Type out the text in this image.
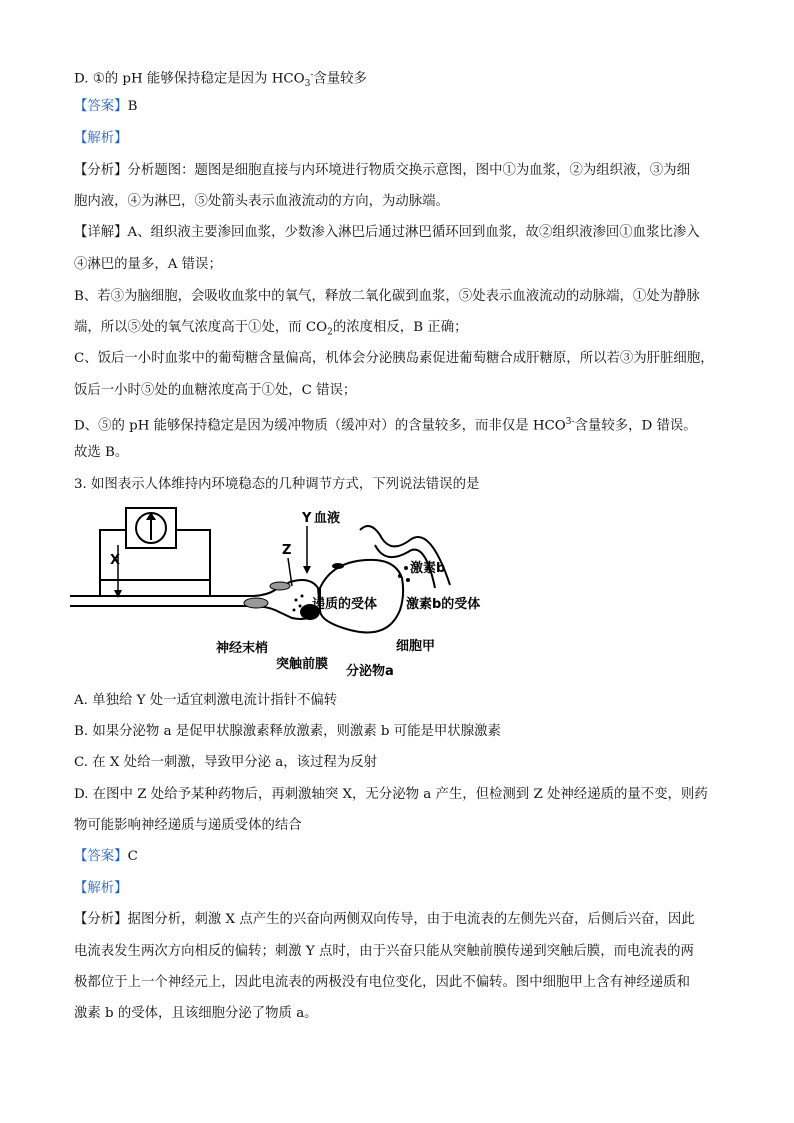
D. ①的 pH 能够保持稳定是因为 $HCO_3^-$含量较多
【答案】B
【解析】
【分析】分析题图：题图是细胞直接与内环境进行物质交换示意图，图中①为血浆，②为组织液，③为细
胞内液，④为淋巴，⑤处箭头表示血液流动的方向，为动脉端。
【详解】A、组织液主要渗回血浆，少数渗入淋巴后通过淋巴循环回到血浆，故②组织液渗回①血浆比渗入
④淋巴的量多，A 错误；
B、若③为脑细胞，会吸收血浆中的氧气，释放二氧化碳到血浆，⑤处表示血液流动的动脉端，①处为静脉
端，所以⑤处的氧气浓度高于①处，而 $CO_2$的浓度相反，B 正确；
C、饭后一小时血浆中的葡萄糖含量偏高，机体会分泌胰岛素促进葡萄糖合成肝糖原，所以若③为肝脏细胞，
饭后一小时⑤处的血糖浓度高于①处，C 错误；
D、⑤的 pH 能够保持稳定是因为缓冲物质（缓冲对）的含量较多，而非仅是 $HCO^{3-}$含量较多，D 错误。
故选 B。
3. 如图表示人体维持内环境稳态的几种调节方式，下列说法错误的是
X
Y
Z
血液
激素b
递质的受体 激素b的受体
神经末梢
突触前膜
细胞甲
分泌物a
A. 单独给 Y 处一适宜刺激电流计指针不偏转
B. 如果分泌物 a 是促甲状腺激素释放激素，则激素 b 可能是甲状腺激素
C. 在 X 处给一刺激，导致甲分泌 a，该过程为反射
D. 在图中 Z 处给予某种药物后，再刺激轴突 X，无分泌物 a 产生，但检测到 Z 处神经递质的量不变，则药
物可能影响神经递质与递质受体的结合
【答案】C
【解析】
【分析】据图分析，刺激 X 点产生的兴奋向两侧双向传导，由于电流表的左侧先兴奋，后侧后兴奋，因此
电流表发生两次方向相反的偏转；刺激 Y 点时，由于兴奋只能从突触前膜传递到突触后膜，而电流表的两
极都位于上一个神经元上，因此电流表的两极没有电位变化，因此不偏转。图中细胞甲上含有神经递质和
激素 b 的受体，且该细胞分泌了物质 a。
